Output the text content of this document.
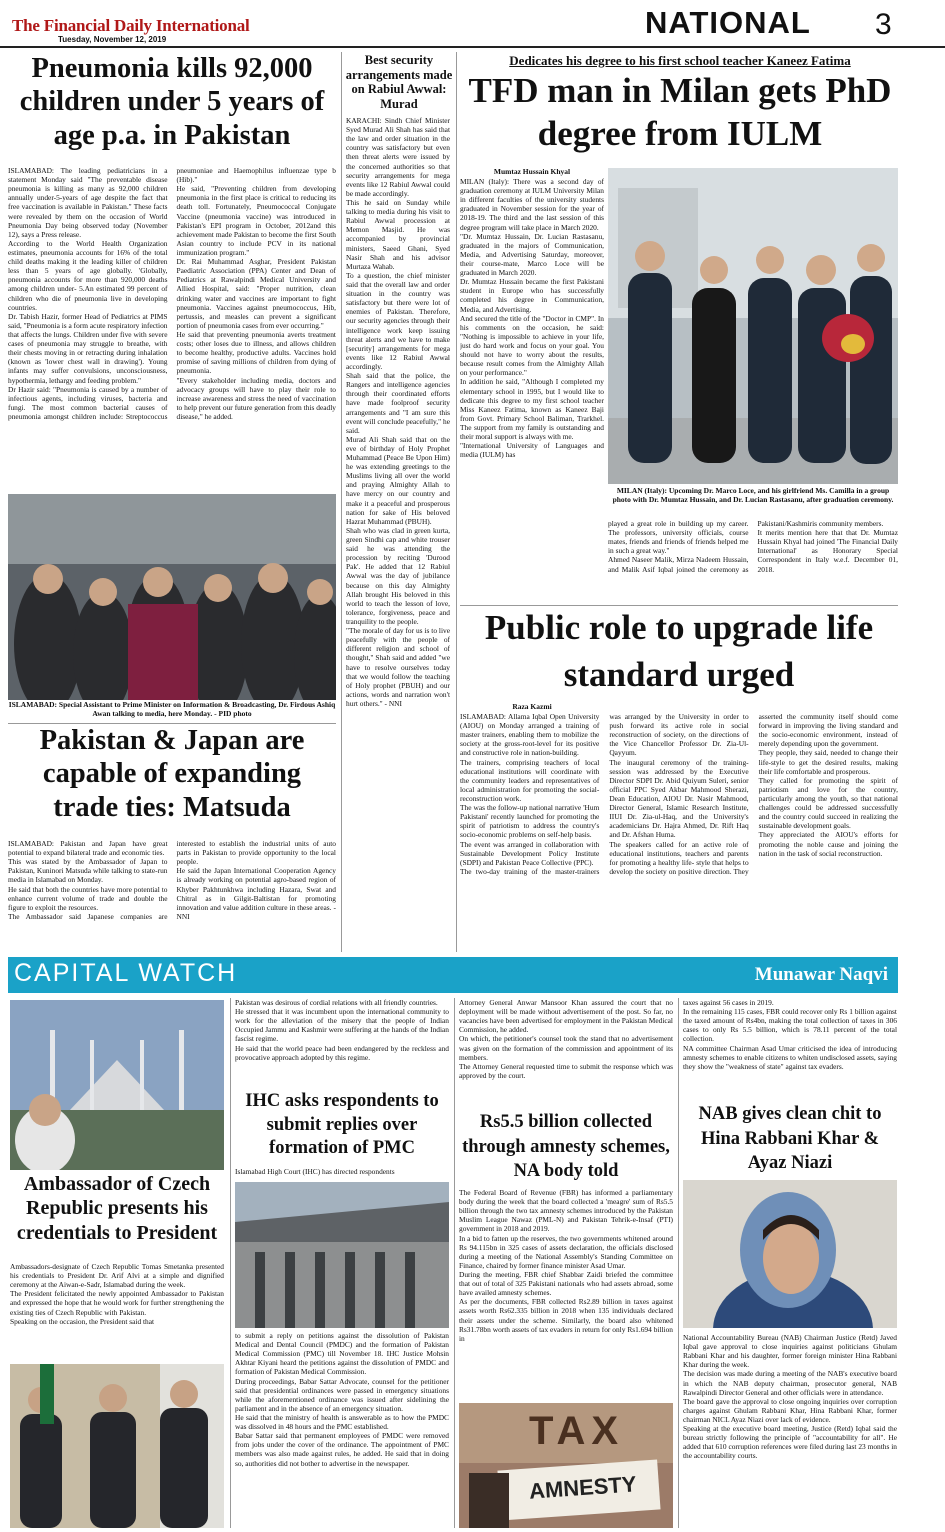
The Financial Daily International
Tuesday, November 12, 2019	NATIONAL 3
Pneumonia kills 92,000 children under 5 years of age p.a. in Pakistan
ISLAMABAD: The leading pediatricians in a statement Monday said "The preventable disease pneumonia is killing as many as 92,000 children annually under-5-years of age despite the fact that free vaccination is available in Pakistan." These facts were revealed by them on the occasion of World Pneumonia Day being observed today (November 12), says a Press release.
According to the World Health Organization estimates, pneumonia accounts for 16% of the total child deaths making it the leading killer of children less than 5 years of age globally. 'Globally, pneumonia accounts for more than 920,000 deaths among children under- 5.An estimated 99 percent of children who die of pneumonia live in developing countries.
Dr. Tabish Hazir, former Head of Pediatrics at PIMS said, "Pneumonia is a form acute respiratory infection that affects the lungs. Children under five with severe cases of pneumonia may struggle to breathe, with their chests moving in or retracting during inhalation (known as 'lower chest wall in drawing'). Young infants may suffer convulsions, unconsciousness, hypothermia, lethargy and feeding problem."
Dr Hazir said: "Pneumonia is caused by a number of infectious agents, including viruses, bacteria and fungi. The most common bacterial causes of pneumonia amongst children include: Streptococcus pneumoniae and Haemophilus influenzae type b (Hib)."
He said, "Preventing children from developing pneumonia in the first place is critical to reducing its death toll. Fortunately, Pneumococcal Conjugate Vaccine (pneumonia vaccine) was introduced in Pakistan's EPI program in October, 2012and this achievement made Pakistan to become the first South Asian country to include PCV in its national immunization program."
Dr. Rai Muhammad Asghar, President Pakistan Paediatric Association (PPA) Center and Dean of Pediatrics at Rawalpindi Medical University and Allied Hospital, said: "Proper nutrition, clean drinking water and vaccines are important to fight pneumonia. Vaccines against pneumococcus, Hib, pertussis, and measles can prevent a significant portion of pneumonia cases from ever occurring."
He said that preventing pneumonia averts treatment costs; other loses due to illness, and allows children to become healthy, productive adults. Vaccines hold promise of saving millions of children from dying of pneumonia.
"Every stakeholder including media, doctors and advocacy groups will have to play their role to increase awareness and stress the need of vaccination to help prevent our future generation from this deadly disease," he added.
ISLAMABAD: Special Assistant to Prime Minister on Information & Broadcasting, Dr. Firdous Ashiq Awan talking to media, here Monday. - PID photo
Pakistan & Japan are capable of expanding trade ties: Matsuda
ISLAMABAD: Pakistan and Japan have great potential to expand bilateral trade and economic ties.
This was stated by the Ambassador of Japan to Pakistan, Kuninori Matsuda while talking to state-run media in Islamabad on Monday.
He said that both the countries have more potential to enhance current volume of trade and double the figure to exploit the resources.
The Ambassador said Japanese companies are interested to establish the industrial units of auto parts in Pakistan to provide opportunity to the local people.
He said the Japan International Cooperation Agency is already working on potential agro-based region of Khyber Pakhtunkhwa including Hazara, Swat and Chitral as in Gilgit-Baltistan for promoting innovation and value addition culture in these areas. - NNI
Best security arrangements made on Rabiul Awwal: Murad
KARACHI: Sindh Chief Minister Syed Murad Ali Shah has said that the law and order situation in the country was satisfactory but even then threat alerts were issued by the concerned authorities so that security arrangements for mega events like 12 Rabiul Awwal could be made accordingly.
This he said on Sunday while talking to media during his visit to Rabiul Awwal procession at Memon Masjid. He was accompanied by provincial ministers, Saeed Ghani, Syed Nasir Shah and his advisor Murtaza Wahab.
To a question, the chief minister said that the overall law and order situation in the country was satisfactory but there were lot of enemies of Pakistan. Therefore, our security agencies through their intelligence work keep issuing threat alerts and we have to make [security] arrangements for mega events like 12 Rabiul Awwal accordingly.
Shah said that the police, the Rangers and intelligence agencies through their coordinated efforts have made foolproof security arrangements and "I am sure this event will conclude peacefully," he said.
Murad Ali Shah said that on the eve of birthday of Holy Prophet Muhammad (Peace Be Upon Him) he was extending greetings to the Muslims living all over the world and praying Almighty Allah to have mercy on our country and make it a peaceful and prosperous nation for sake of His beloved Hazrat Muhammad (PBUH).
Shah who was clad in green kurta, green Sindhi cap and white trouser said he was attending the procession by reciting 'Durood Pak'. He added that 12 Rabiul Awwal was the day of jubilance because on this day Almighty Allah brought His beloved in this world to teach the lesson of love, tolerance, forgiveness, peace and tranquility to the people.
"The morale of day for us is to live peacefully with the people of different religion and school of thought," Shah said and added "we have to resolve ourselves today that we would follow the teaching of Holy prophet (PBUH) and our actions, words and narration won't hurt others." - NNI
Dedicates his degree to his first school teacher Kaneez Fatima
TFD man in Milan gets PhD degree from IULM
Mumtaz Hussain Khyal
MILAN (Italy): There was a second day of graduation ceremony at IULM University Milan in different faculties of the university students graduated in November session for the year of 2018-19. The third and the last session of this degree program will take place in March 2020.
"Dr. Mumtaz Hussain, Dr. Lucian Rastasanu, graduated in the majors of Communication, Media, and Advertising Saturday, moreover, their course-mate, Marco Loce will be graduated in March 2020.
Dr. Mumtaz Hussain became the first Pakistani student in Europe who has successfully completed his degree in Communication, Media, and Advertising.
And secured the title of the "Doctor in CMP". In his comments on the occasion, he said: "Nothing is impossible to achieve in your life, just do hard work and focus on your goal. You should not have to worry about the results, because result comes from the Almighty Allah on your performance."
In addition he said, "Although I completed my elementary school in 1995, but I would like to dedicate this degree to my first school teacher Miss Kaneez Fatima, known as Kaneez Baji from Govt. Primary School Baliman, Trarkhel. The support from my family is outstanding and their moral support is always with me.
"International University of Languages and media (IULM) has
MILAN (Italy): Upcoming Dr. Marco Loce, and his girlfriend Ms. Camilla in a group photo with Dr. Mumtaz Hussain, and Dr. Lucian Rastasanu, after graduation ceremony.
played a great role in building up my career. The professors, university officials, course mates, friends and friends of friends helped me in such a great way."
Ahmed Naseer Malik, Mirza Nadeem Hussain, and Malik Asif Iqbal joined the ceremony as Pakistani/Kashmiris community members.
It merits mention here that that Dr. Mumtaz Hussain Khyal had joined 'The Financial Daily International' as Honorary Special Correspondent in Italy w.e.f. December 01, 2018.
Public role to upgrade life standard urged
Raza Kazmi
ISLAMABAD: Allama Iqbal Open University (AIOU) on Monday arranged a training of master trainers, enabling them to mobilize the society at the gross-root-level for its positive and constructive role in nation-building.
The trainers, comprising teachers of local educational institutions will coordinate with the community leaders and representatives of local administration for promoting the social-reconstruction work.
The was the follow-up national narrative 'Hum Pakistani' recently launched for promoting the spirit of patriotism to address the country's socio-economic problems on self-help basis.
The event was arranged in collaboration with Sustainable Development Policy Institute (SDPI) and Pakistan Peace Collective (PPC).
The two-day training of the master-trainers was arranged by the University in order to push forward its active role in social reconstruction of society, on the directions of the Vice Chancellor Professor Dr. Zia-Ul-Qayyum.
The inaugural ceremony of the training-session was addressed by the Executive Director SDPI Dr. Abid Quiyum Suleri, senior official PPC Syed Akbar Mahmood Sherazi, Dean Education, AIOU Dr. Nasir Mahmood, Director General, Islamic Research Institute, IIUI Dr. Zia-ul-Haq, and the University's academicians Dr. Hajra Ahmed, Dr. Rift Haq and Dr. Afshan Huma.
The speakers called for an active role of educational institutions, teachers and parents for promoting a healthy life- style that helps to develop the society on positive direction. They asserted the community itself should come forward in improving the living standard and the socio-economic environment, instead of merely depending upon the government.
They people, they said, needed to change their life-style to get the desired results, making their life comfortable and prosperous.
They called for promoting the spirit of patriotism and love for the country, particularly among the youth, so that national challenges could be addressed successfully and the country could succeed in realizing the sustainable development goals.
They appreciated the AIOU's efforts for promoting the noble cause and joining the nation in the task of social reconstruction.
CAPITAL WATCH	Munawar Naqvi
Ambassador of Czech Republic presents his credentials to President
Ambassadors-designate of Czech Republic Tomas Smetanka presented his credentials to President Dr. Arif Alvi at a simple and dignified ceremony at the Aiwan-e-Sadr, Islamabad during the week.
The President felicitated the newly appointed Ambassador to Pakistan and expressed the hope that he would work for further strengthening the existing ties of Czech Republic with Pakistan.
Speaking on the occasion, the President said that
Pakistan was desirous of cordial relations with all friendly countries.
He stressed that it was incumbent upon the international community to work for the alleviation of the misery that the people of Indian Occupied Jammu and Kashmir were suffering at the hands of the Indian fascist regime.
He said that the world peace had been endangered by the reckless and provocative approach adopted by this regime.
IHC asks respondents to submit replies over formation of PMC
Islamabad High Court (IHC) has directed respondents
to submit a reply on petitions against the dissolution of Pakistan Medical and Dental Council (PMDC) and the formation of Pakistan Medical Commission (PMC) till November 18. IHC Justice Mohsin Akhtar Kiyani heard the petitions against the dissolution of PMDC and formation of Pakistan Medical Commission.
During proceedings, Babar Sattar Advocate, counsel for the petitioner said that presidential ordinances were passed in emergency situations while the aforementioned ordinance was issued after sidelining the parliament and in the absence of an emergency situation.
He said that the ministry of health is answerable as to how the PMDC was dissolved in 48 hours and the PMC established.
Babar Sattar said that permanent employees of PMDC were removed from jobs under the cover of the ordinance. The appointment of PMC members was also made against rules, he added. He said that in doing so, authorities did not bother to advertise in the newspaper.
Attorney General Anwar Mansoor Khan assured the court that no deployment will be made without advertisement of the post. So far, no vacancies have been advertised for employment in the Pakistan Medical Commission, he added.
On which, the petitioner's counsel took the stand that no advertisement was given on the formation of the commission and appointment of its members.
The Attorney General requested time to submit the response which was approved by the court.
Rs5.5 billion collected through amnesty schemes, NA body told
The Federal Board of Revenue (FBR) has informed a parliamentary body during the week that the board collected a 'meagre' sum of Rs5.5 billion through the two tax amnesty schemes introduced by the Pakistan Muslim League Nawaz (PML-N) and Pakistan Tehrik-e-Insaf (PTI) government in 2018 and 2019.
In a bid to fatten up the reserves, the two governments whitened around Rs 94.115bn in 325 cases of assets declaration, the officials disclosed during a meeting of the National Assembly's Standing Committee on Finance, chaired by former finance minister Asad Umar.
During the meeting, FBR chief Shabbar Zaidi briefed the committee that out of total of 325 Pakistani nationals who had assets abroad, some have availed amnesty schemes.
As per the documents, FBR collected Rs2.89 billion in taxes against assets worth Rs62.335 billion in 2018 when 135 individuals declared their assets under the scheme. Similarly, the board also whitened Rs31.78bn worth assets of tax evaders in return for only Rs1.694 billion in
TAX
AMNESTY
taxes against 56 cases in 2019.
In the remaining 115 cases, FBR could recover only Rs 1 billion against the taxed amount of Rs4bn, making the total collection of taxes in 306 cases to only Rs 5.5 billion, which is 78.11 percent of the total collection.
NA committee Chairman Asad Umar criticised the idea of introducing amnesty schemes to enable citizens to whiten undisclosed assets, saying they show the "weakness of state" against tax evaders.
NAB gives clean chit to Hina Rabbani Khar & Ayaz Niazi
National Accountability Bureau (NAB) Chairman Justice (Retd) Javed Iqbal gave approval to close inquiries against politicians Ghulam Rabbani Khar and his daughter, former foreign minister Hina Rabbani Khar during the week.
The decision was made during a meeting of the NAB's executive board in which the NAB deputy chairman, prosecutor general, NAB Rawalpindi Director General and other officials were in attendance.
The board gave the approval to close ongoing inquiries over corruption charges against Ghulam Rabbani Khar, Hina Rabbani Khar, former chairman NICL Ayaz Niazi over lack of evidence.
Speaking at the executive board meeting, Justice (Retd) Iqbal said the bureau strictly following the principle of "accountability for all". He added that 610 corruption references were filed during last 23 months in the accountability courts.
